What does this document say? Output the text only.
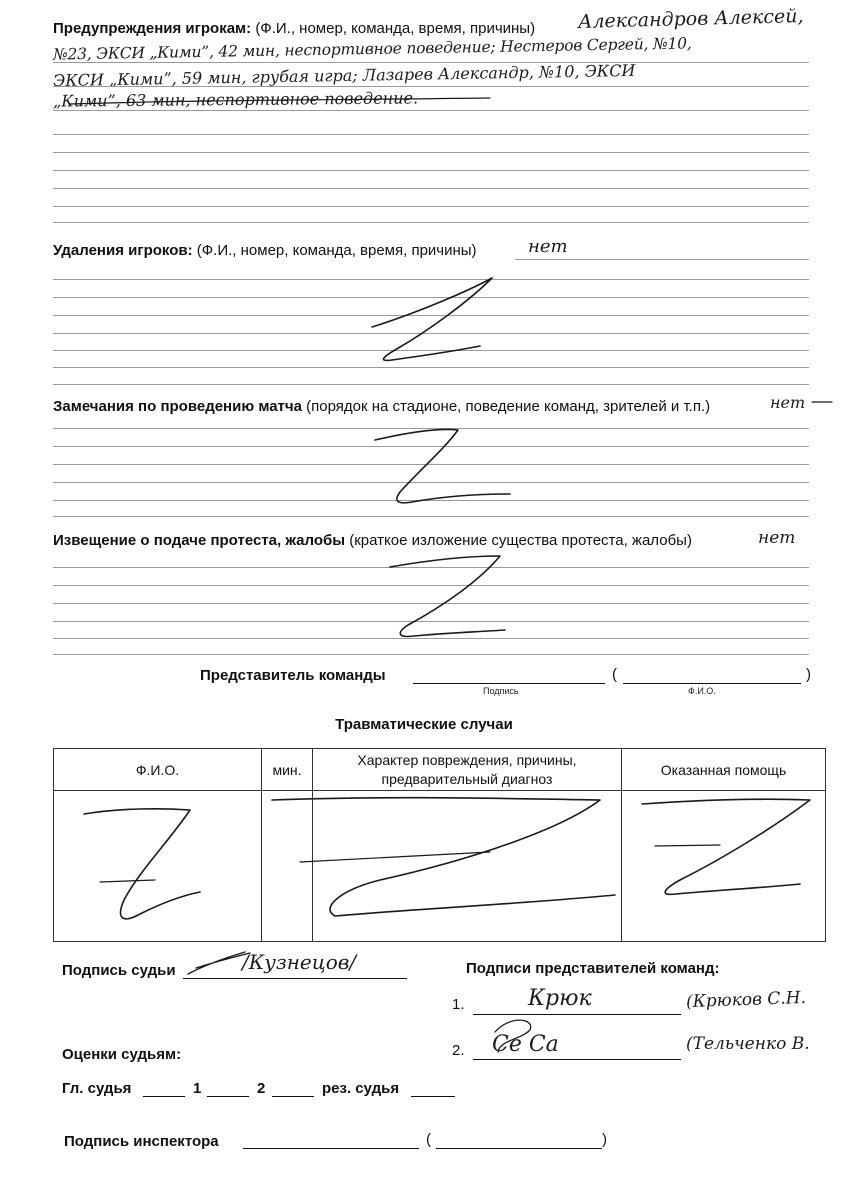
Предупреждения игрокам: (Ф.И., номер, команда, время, причины) Александров Алексей,
№23, ЭКСИ „Кими”, 42 мин, неспортивное поведение; Нестеров Сергей, №10,
ЭКСИ „Кими”, 59 мин, грубая игра; Лазарев Александр, №10, ЭКСИ
„Кими”, 63 мин, неспортивное поведение.
Удаления игроков: (Ф.И., номер, команда, время, причины)	нет
Замечания по проведению матча (порядок на стадионе, поведение команд, зрителей и т.п.)	нет
Извещение о подаче протеста, жалобы (краткое изложение существа протеста, жалобы)	нет
Представитель команды	(	)
Подпись	Ф.И.О.
Травматические случаи
Ф.И.О.	мин.	Характер повреждения, причины, предварительный диагноз	Оказанная помощь

Подпись судьи	/Кузнецов/	Подписи представителей команд:
1.	Крюк	(Крюков С.Н.
2. Се Са	(Тельченко В.
Оценки судьям:
Гл. судья	1	2	рез. судья
Подпись инспектора	(	)
